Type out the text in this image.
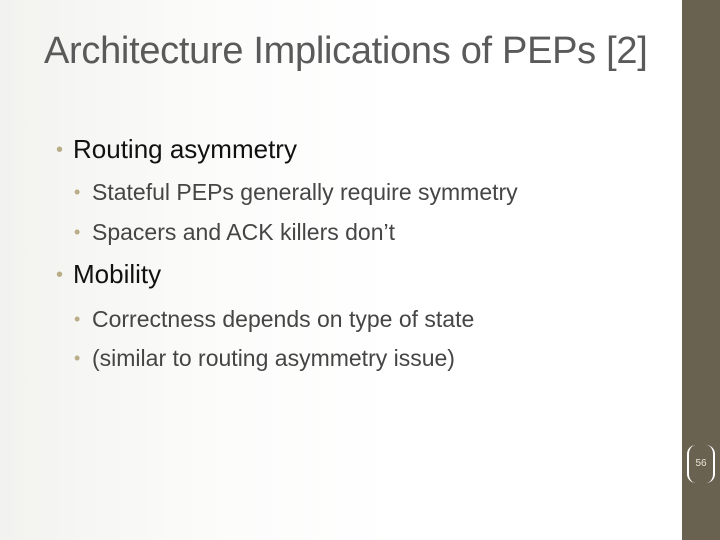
Architecture Implications of PEPs [2]
• Routing asymmetry
• Stateful PEPs generally require symmetry
• Spacers and ACK killers don’t
• Mobility
• Correctness depends on type of state
• (similar to routing asymmetry issue)
56
